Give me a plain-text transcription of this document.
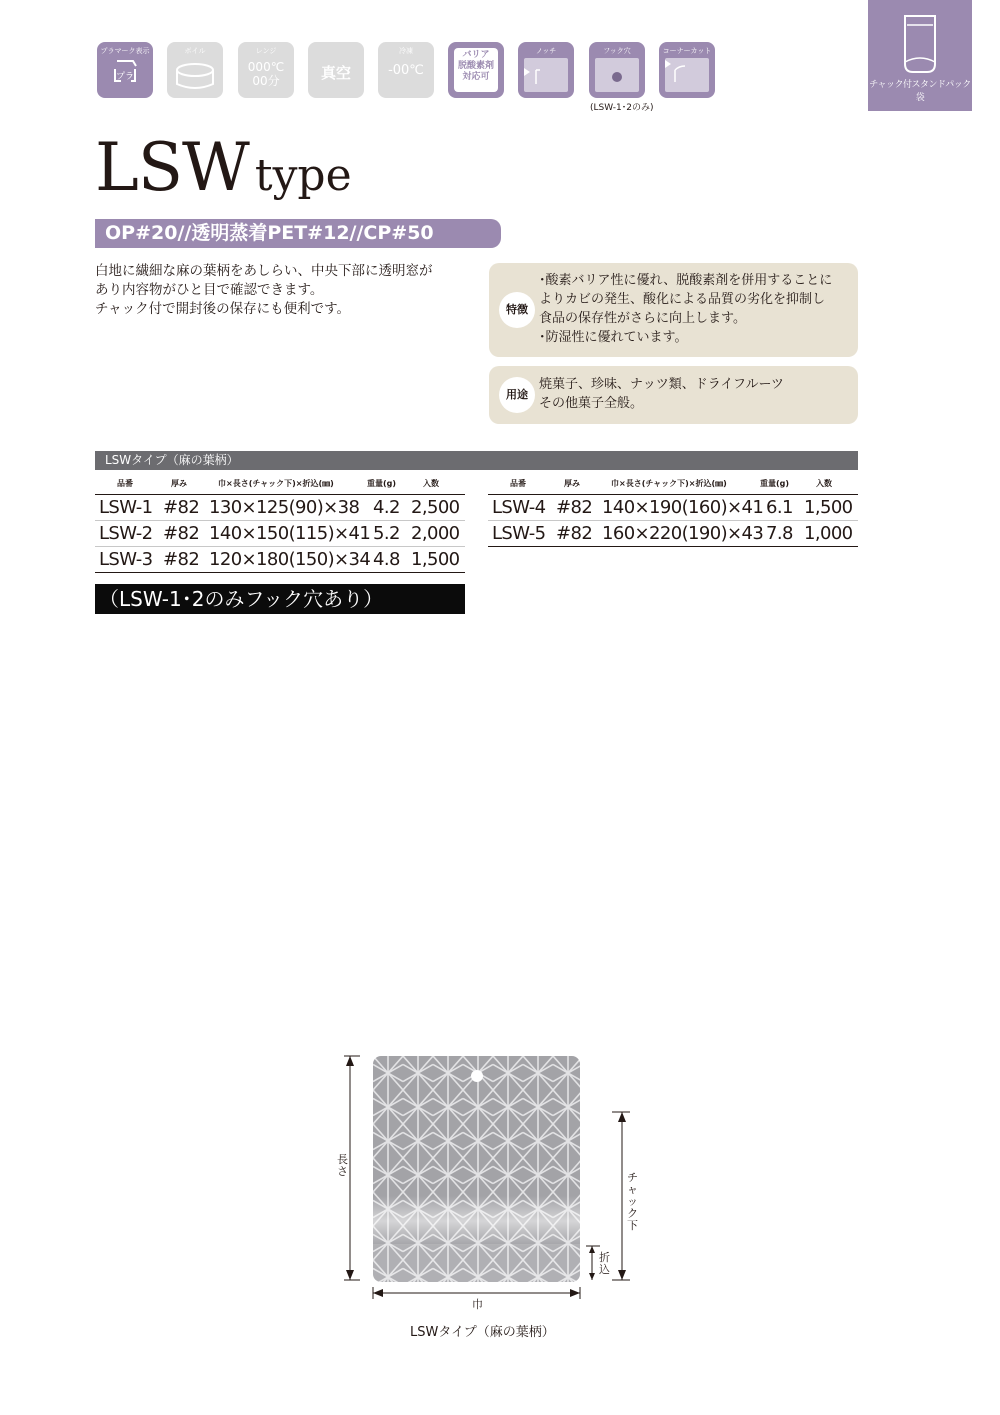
チャック付スタンドパック袋
プラマーク表示
プラ
ボイル	レンジ
000℃
00分	真空
冷凍
-00℃
バリア
脱酸素剤
対応可
ノッチ	フック穴	コーナーカット
(LSW-1･2のみ)
LSW type
OP#20//透明蒸着PET#12//CP#50
白地に繊細な麻の葉柄をあしらい、中央下部に透明窓が
あり内容物がひと目で確認できます。
チャック付で開封後の保存にも便利です。	特徴
･酸素バリア性に優れ、脱酸素剤を併用することに
よりカビの発生、酸化による品質の劣化を抑制し
食品の保存性がさらに向上します。
･防湿性に優れています。
用途
焼菓子、珍味、ナッツ類、ドライフルーツ
その他菓子全般。
LSWタイプ（麻の葉柄）
品番	厚み	巾×長さ(チャック下)×折込(㎜)	重量(g)	入数
LSW-1 #82 130×125(90)×38 4.2 2,500
LSW-2 #82 140×150(115)×41 5.2 2,000
LSW-3 #82 120×180(150)×34 4.8 1,500
品番	厚み	巾×長さ(チャック下)×折込(㎜)	重量(g)	入数
LSW-4 #82 140×190(160)×41 6.1 1,500
LSW-5 #82 160×220(190)×43 7.8 1,000
（LSW-1･2のみフック穴あり）
長さ	チャック下
折込
巾
LSWタイプ（麻の葉柄）
